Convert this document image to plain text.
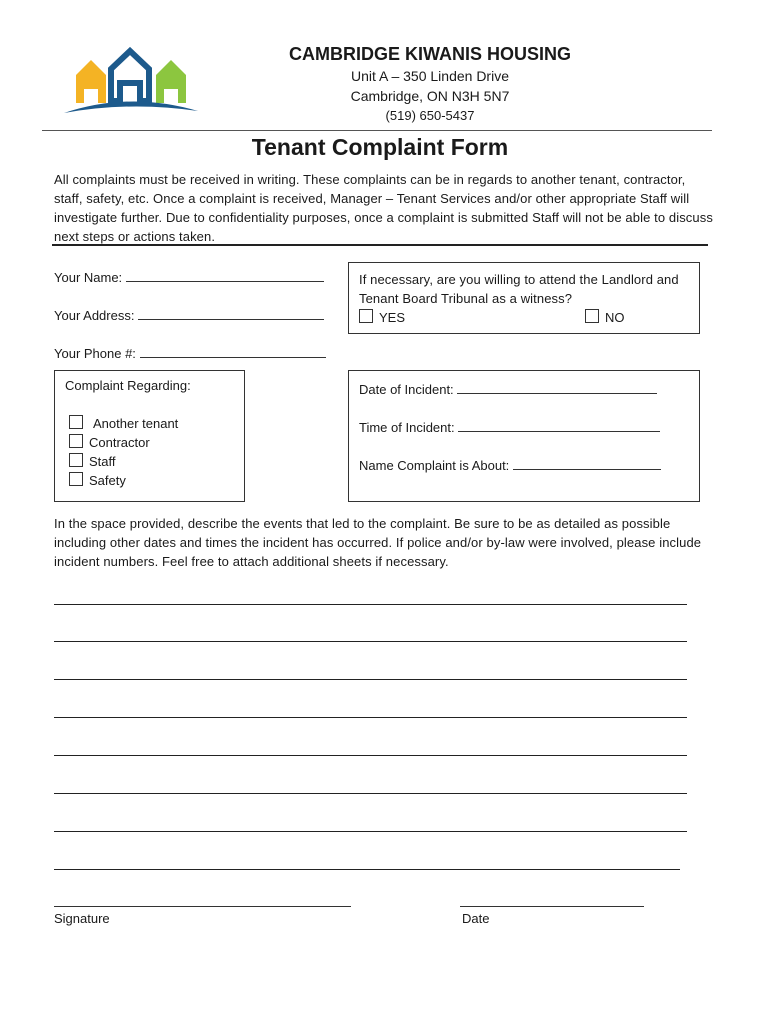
CAMBRIDGE KIWANIS HOUSING
Unit A – 350 Linden Drive
Cambridge, ON N3H 5N7
(519) 650-5437
Tenant Complaint Form
All complaints must be received in writing. These complaints can be in regards to another tenant, contractor, staff, safety, etc. Once a complaint is received, Manager – Tenant Services and/or other appropriate Staff will investigate further. Due to confidentiality purposes, once a complaint is submitted Staff will not be able to discuss next steps or actions taken.
Your Name:
Your Address:
Your Phone #:
If necessary, are you willing to attend the Landlord and Tenant Board Tribunal as a witness?
YES	NO
Complaint Regarding:
Another tenant
Contractor
Staff
Safety
Date of Incident:
Time of Incident:
Name Complaint is About:
In the space provided, describe the events that led to the complaint. Be sure to be as detailed as possible including other dates and times the incident has occurred. If police and/or by-law were involved, please include incident numbers. Feel free to attach additional sheets if necessary.
Signature	Date
